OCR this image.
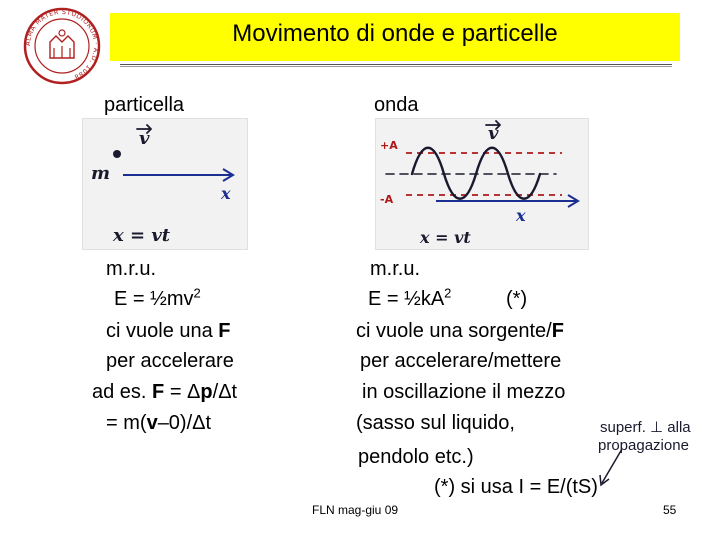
ALMA MATER STUDIORUM · A.D. 1088
Movimento di onde e particelle
particella	onda
v
m
x
x = vt
v
+A
-A
x
x = vt
m.r.u.
$E = \frac{1}{2}mv^2$
ci vuole una F
per accelerare
ad es. F = Δp/Δt
= m(v–0)/Δt
m.r.u.
$E = \frac{1}{2}kA^2$	(*)
ci vuole una sorgente/F
per accelerare/mettere
in oscillazione il mezzo
(sasso sul liquido,
pendolo etc.)
(*) si usa I = E/(tS)
superf. ⊥ alla
propagazione
FLN mag-giu 09	55
